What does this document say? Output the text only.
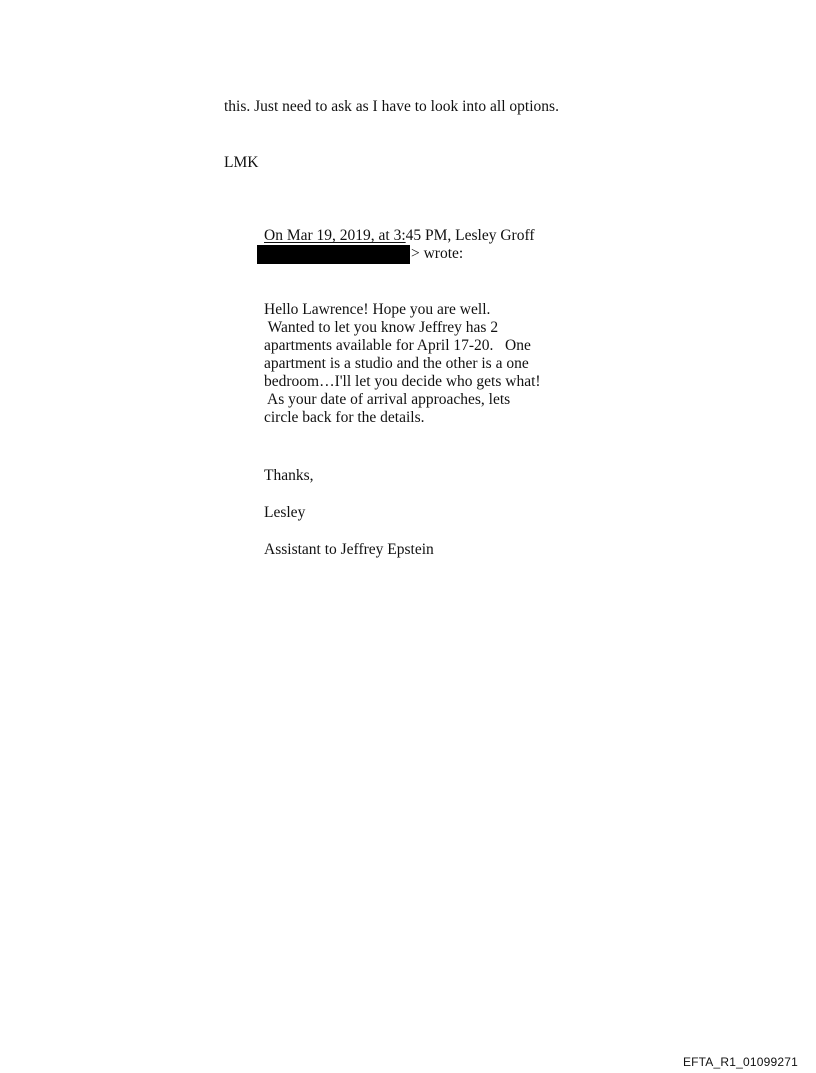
this. Just need to ask as I have to look into all options.
LMK
On Mar 19, 2019, at 3:45 PM, Lesley Groff
> wrote:
Hello Lawrence! Hope you are well.
Wanted to let you know Jeffrey has 2
apartments available for April 17-20.   One
apartment is a studio and the other is a one
bedroom…I'll let you decide who gets what!
As your date of arrival approaches, lets
circle back for the details.
Thanks,
Lesley
Assistant to Jeffrey Epstein
EFTA_R1_01099271
